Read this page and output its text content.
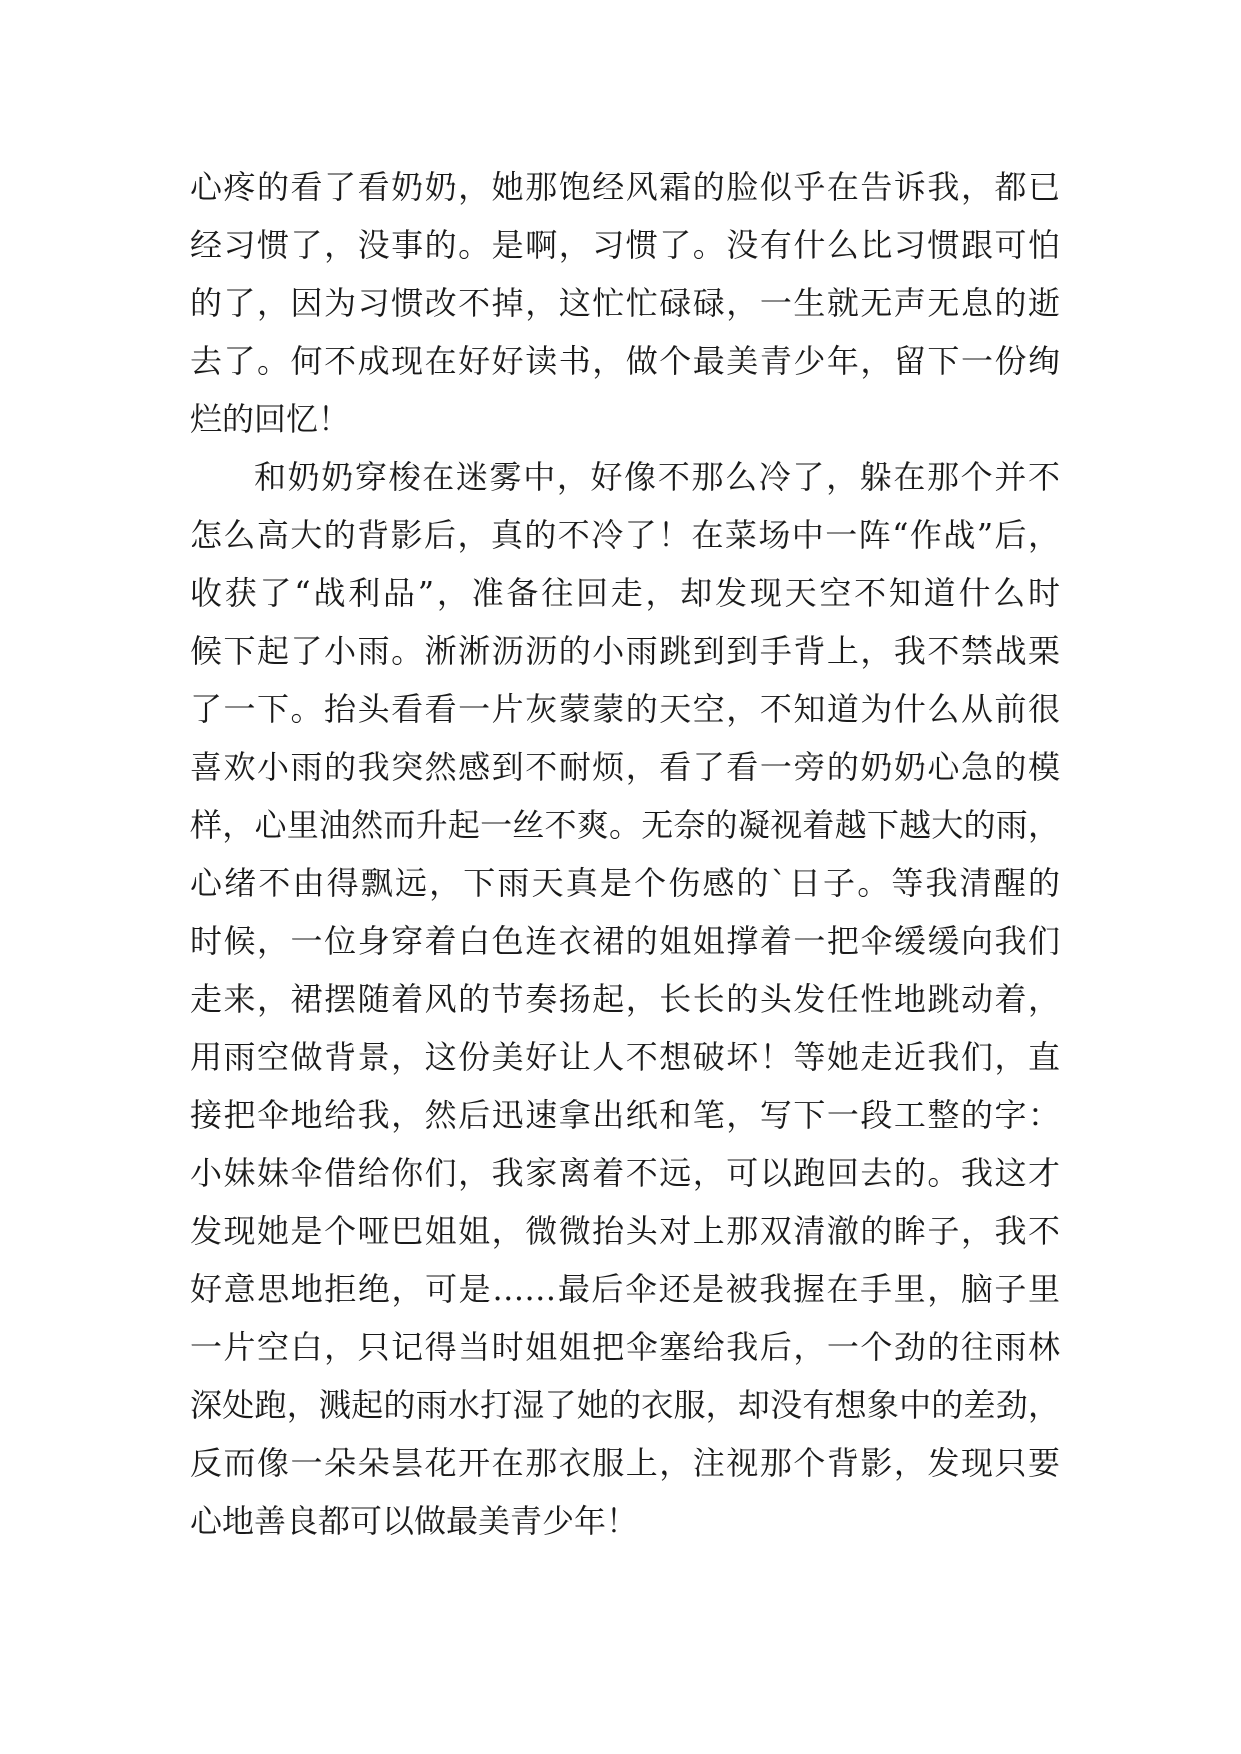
心疼的看了看奶奶，她那饱经风霜的脸似乎在告诉我，都已
经习惯了，没事的。是啊，习惯了。没有什么比习惯跟可怕
的了，因为习惯改不掉，这忙忙碌碌，一生就无声无息的逝
去了。何不成现在好好读书，做个最美青少年，留下一份绚
烂的回忆！
和奶奶穿梭在迷雾中，好像不那么冷了，躲在那个并不
怎么高大的背影后，真的不冷了！在菜场中一阵“作战”后，
收获了“战利品”，准备往回走，却发现天空不知道什么时
候下起了小雨。淅淅沥沥的小雨跳到到手背上，我不禁战栗
了一下。抬头看看一片灰蒙蒙的天空，不知道为什么从前很
喜欢小雨的我突然感到不耐烦，看了看一旁的奶奶心急的模
样，心里油然而升起一丝不爽。无奈的凝视着越下越大的雨，
心绪不由得飘远，下雨天真是个伤感的`日子。等我清醒的
时候，一位身穿着白色连衣裙的姐姐撑着一把伞缓缓向我们
走来，裙摆随着风的节奏扬起，长长的头发任性地跳动着，
用雨空做背景，这份美好让人不想破坏！等她走近我们，直
接把伞地给我，然后迅速拿出纸和笔，写下一段工整的字：
小妹妹伞借给你们，我家离着不远，可以跑回去的。我这才
发现她是个哑巴姐姐，微微抬头对上那双清澈的眸子，我不
好意思地拒绝，可是……最后伞还是被我握在手里，脑子里
一片空白，只记得当时姐姐把伞塞给我后，一个劲的往雨林
深处跑，溅起的雨水打湿了她的衣服，却没有想象中的差劲，
反而像一朵朵昙花开在那衣服上，注视那个背影，发现只要
心地善良都可以做最美青少年！
